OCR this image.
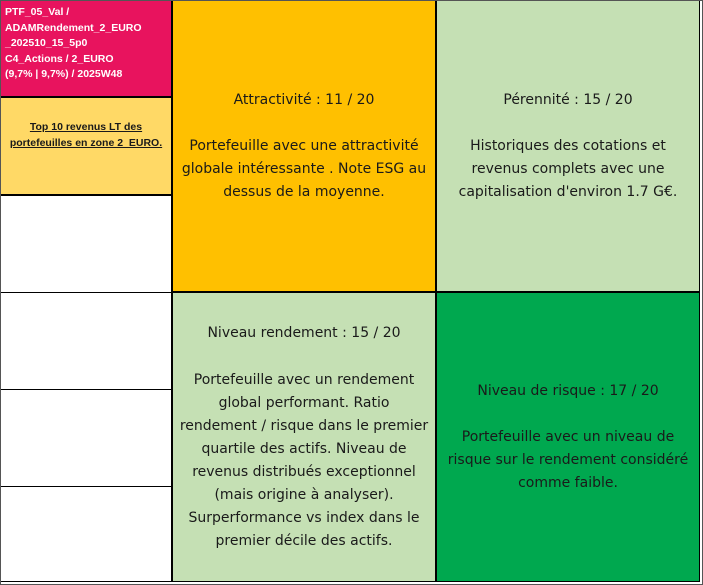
PTF_05_Val /
ADAMRendement_2_EURO
_202510_15_5p0
C4_Actions / 2_EURO
(9,7% | 9,7%) / 2025W48
Top 10 revenus LT des portefeuilles en zone 2_EURO.
Attractivité : 11 / 20
Portefeuille avec une attractivité globale intéressante . Note ESG au dessus de la moyenne.
Pérennité : 15 / 20
Historiques des cotations et revenus complets avec une capitalisation d'environ 1.7 G€.
Niveau rendement : 15 / 20
Portefeuille avec un rendement global performant. Ratio rendement / risque dans le premier quartile des actifs. Niveau de revenus distribués exceptionnel (mais origine à analyser). Surperformance vs index dans le premier décile des actifs.
Niveau de risque : 17 / 20
Portefeuille avec un niveau de risque sur le rendement considéré comme faible.
